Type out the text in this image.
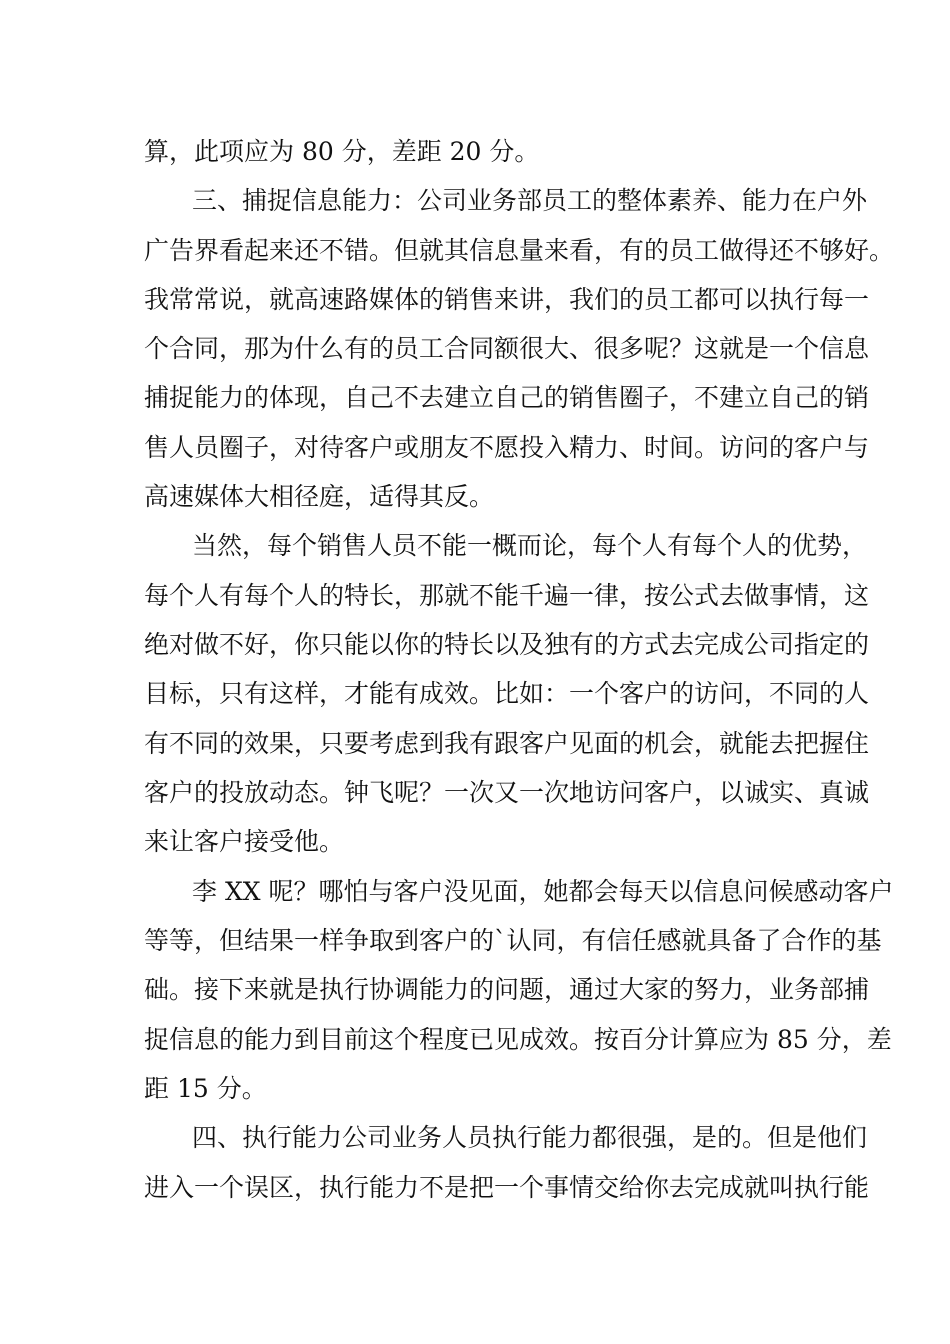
算，此项应为 80 分，差距 20 分。
三、捕捉信息能力：公司业务部员工的整体素养、能力在户外
广告界看起来还不错。但就其信息量来看，有的员工做得还不够好。
我常常说，就高速路媒体的销售来讲，我们的员工都可以执行每一
个合同，那为什么有的员工合同额很大、很多呢？这就是一个信息
捕捉能力的体现，自己不去建立自己的销售圈子，不建立自己的销
售人员圈子，对待客户或朋友不愿投入精力、时间。访问的客户与
高速媒体大相径庭，适得其反。
当然，每个销售人员不能一概而论，每个人有每个人的优势，
每个人有每个人的特长，那就不能千遍一律，按公式去做事情，这
绝对做不好，你只能以你的特长以及独有的方式去完成公司指定的
目标，只有这样，才能有成效。比如：一个客户的访问，不同的人
有不同的效果，只要考虑到我有跟客户见面的机会，就能去把握住
客户的投放动态。钟飞呢？一次又一次地访问客户，以诚实、真诚
来让客户接受他。
李 XX 呢？哪怕与客户没见面，她都会每天以信息问候感动客户
等等，但结果一样争取到客户的`认同，有信任感就具备了合作的基
础。接下来就是执行协调能力的问题，通过大家的努力，业务部捕
捉信息的能力到目前这个程度已见成效。按百分计算应为 85 分，差
距 15 分。
四、执行能力公司业务人员执行能力都很强，是的。但是他们
进入一个误区，执行能力不是把一个事情交给你去完成就叫执行能
